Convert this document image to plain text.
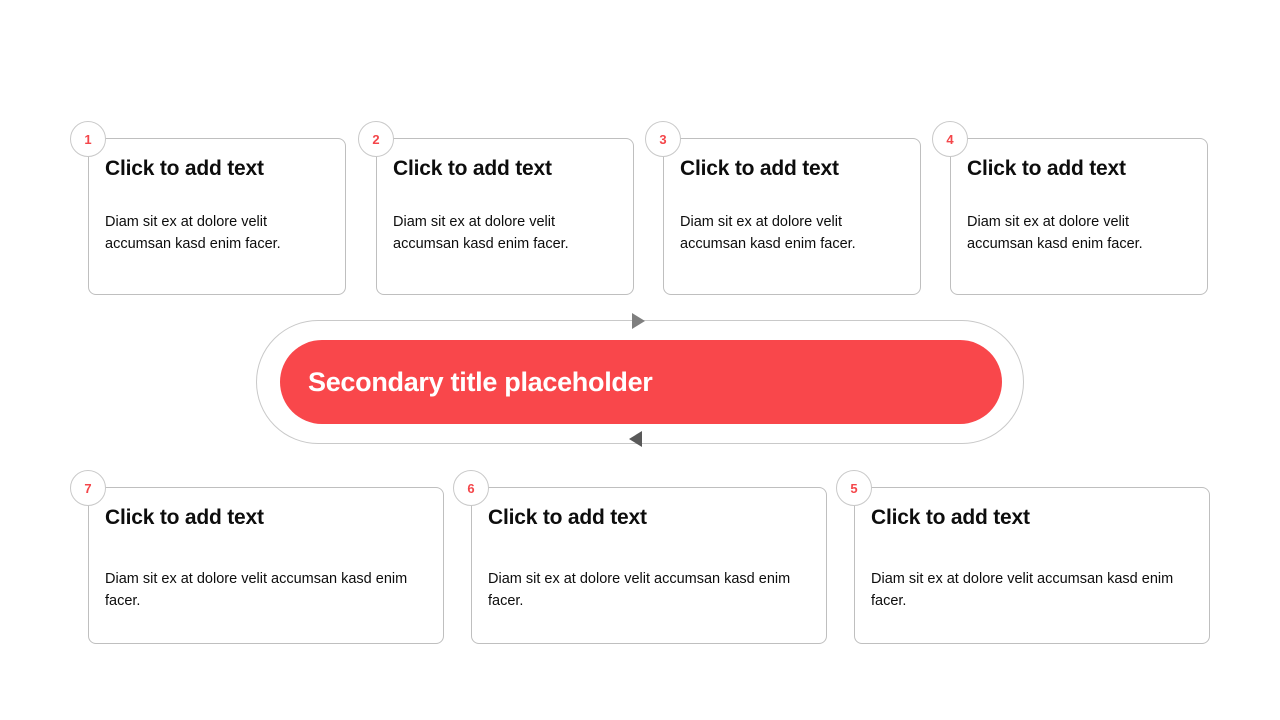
Click to add text
Diam sit ex at dolore velit accumsan kasd enim facer.
1
Click to add text
Diam sit ex at dolore velit accumsan kasd enim facer.
2
Click to add text
Diam sit ex at dolore velit accumsan kasd enim facer.
3
Click to add text
Diam sit ex at dolore velit accumsan kasd enim facer.
4
Secondary title placeholder
Click to add text
Diam sit ex at dolore velit accumsan kasd enim facer.
7
Click to add text
Diam sit ex at dolore velit accumsan kasd enim facer.
6
Click to add text
Diam sit ex at dolore velit accumsan kasd enim facer.
5
